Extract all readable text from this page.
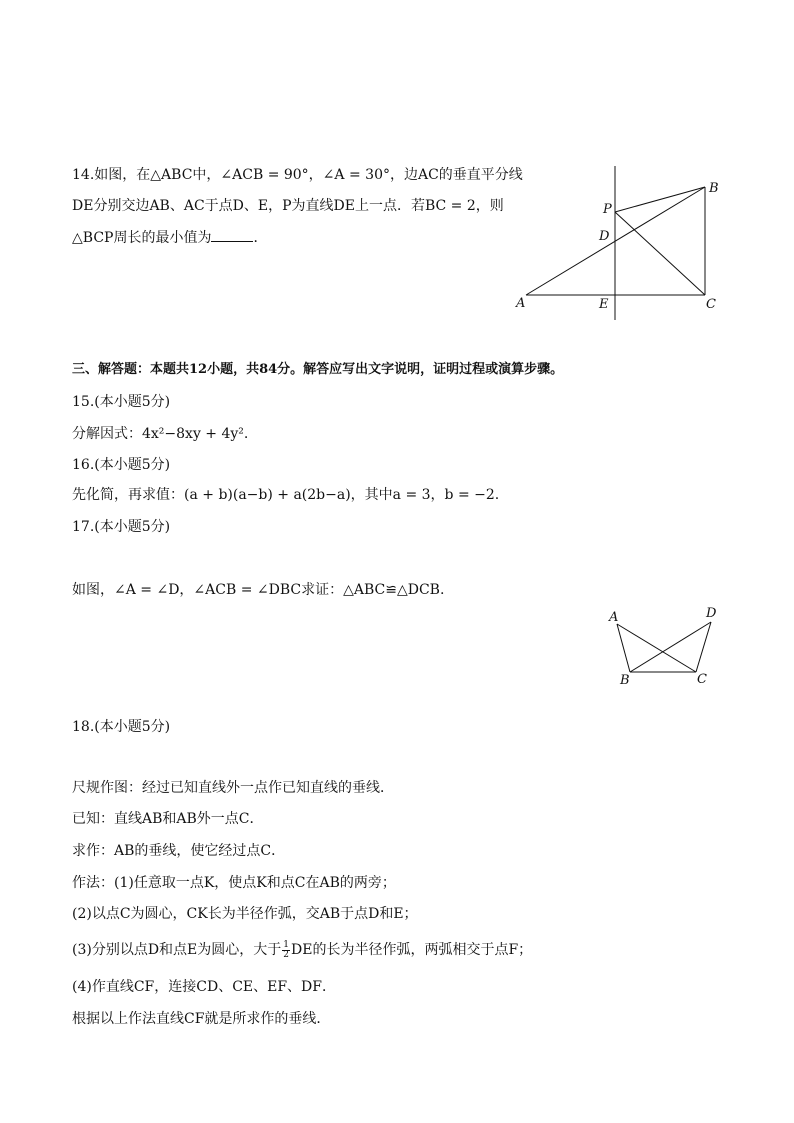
14.如图，在△ABC中，∠ACB = 90°，∠A = 30°，边AC的垂直平分线
DE分别交边AB、AC于点D、E，P为直线DE上一点．若BC = 2，则
△BCP周长的最小值为	．
A
B
C
D
E
P
三、解答题：本题共12小题，共84分。解答应写出文字说明，证明过程或演算步骤。
15.(本小题5分)
分解因式：4x²−8xy + 4y².
16.(本小题5分)
先化简，再求值：(a + b)(a−b) + a(2b−a)，其中a = 3，b = −2.
17.(本小题5分)
如图，∠A = ∠D，∠ACB = ∠DBC求证：△ABC≌△DCB.
A	D
B	C
18.(本小题5分)
尺规作图：经过已知直线外一点作已知直线的垂线．
已知：直线AB和AB外一点C．
求作：AB的垂线，使它经过点C．
作法：(1)任意取一点K，使点K和点C在AB的两旁；
(2)以点C为圆心，CK长为半径作弧，交AB于点D和E；
(3)分别以点D和点E为圆心，大于 $\frac{1}{2}$ DE的长为半径作弧，两弧相交于点F；
(4)作直线CF，连接CD、CE、EF、DF．
根据以上作法直线CF就是所求作的垂线．
